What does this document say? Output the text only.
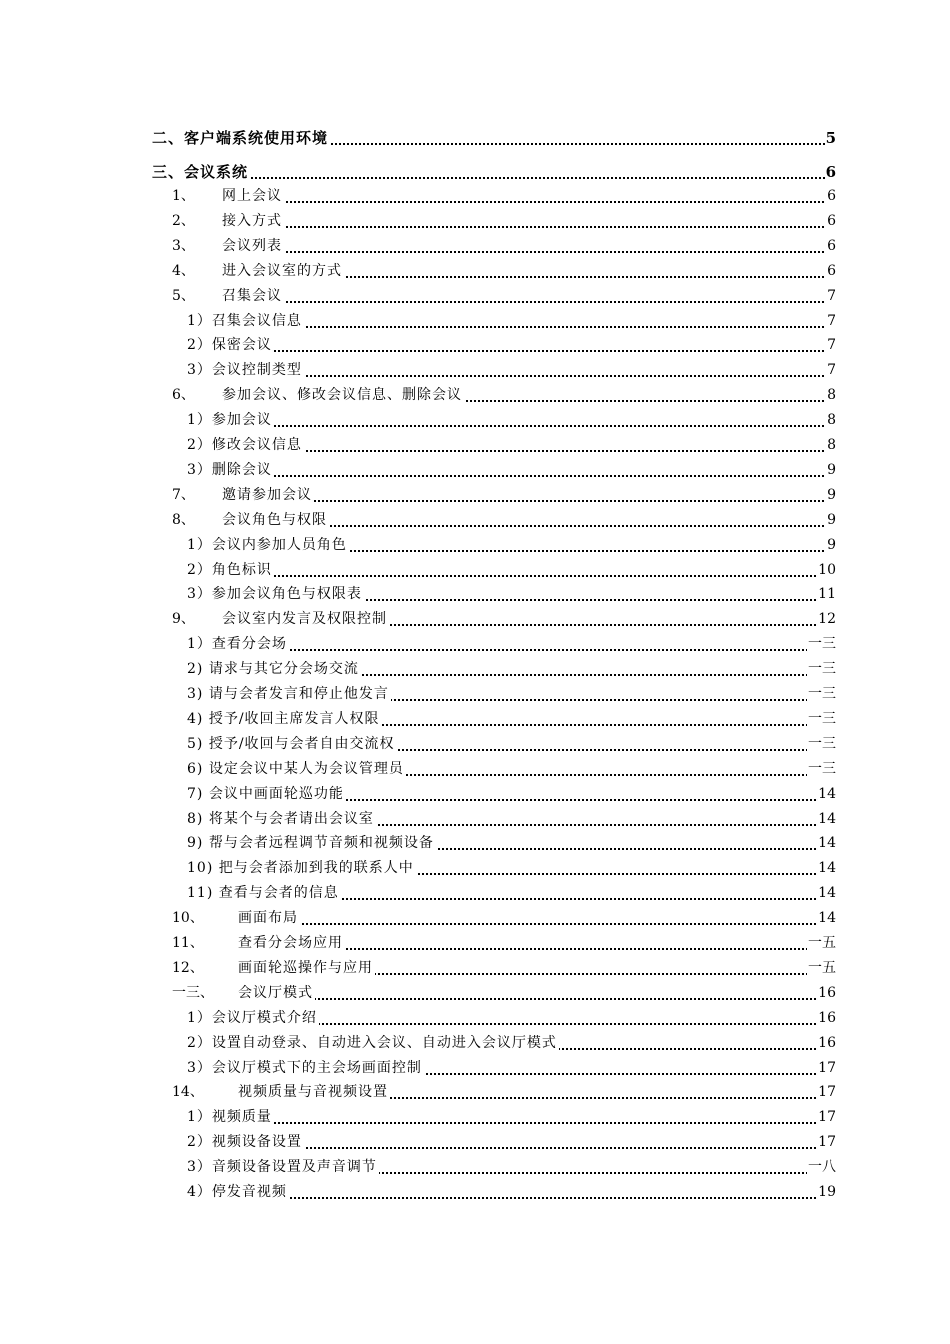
二、客户端系统使用环境	5
三、会议系统	6
1、 网上会议	6
2、 接入方式	6
3、 会议列表	6
4、 进入会议室的方式	6
5、 召集会议	7
1）召集会议信息	7
2）保密会议	7
3）会议控制类型	7
6、 参加会议、修改会议信息、删除会议	8
1）参加会议	8
2）修改会议信息	8
3）删除会议	9
7、 邀请参加会议	9
8、 会议角色与权限	9
1）会议内参加人员角色	9
2）角色标识	10
3）参加会议角色与权限表	11
9、 会议室内发言及权限控制	12
1）查看分会场	一三
2) 请求与其它分会场交流	一三
3) 请与会者发言和停止他发言	一三
4) 授予/收回主席发言人权限	一三
5) 授予/收回与会者自由交流权	一三
6) 设定会议中某人为会议管理员	一三
7) 会议中画面轮巡功能	14
8) 将某个与会者请出会议室	14
9) 帮与会者远程调节音频和视频设备	14
10) 把与会者添加到我的联系人中	14
11) 查看与会者的信息	14
10、 画面布局	14
11、 查看分会场应用	一五
12、 画面轮巡操作与应用	一五
一三、 会议厅模式	16
1）会议厅模式介绍	16
2）设置自动登录、自动进入会议、自动进入会议厅模式	16
3）会议厅模式下的主会场画面控制	17
14、 视频质量与音视频设置	17
1）视频质量	17
2）视频设备设置	17
3）音频设备设置及声音调节	一八
4）停发音视频	19
